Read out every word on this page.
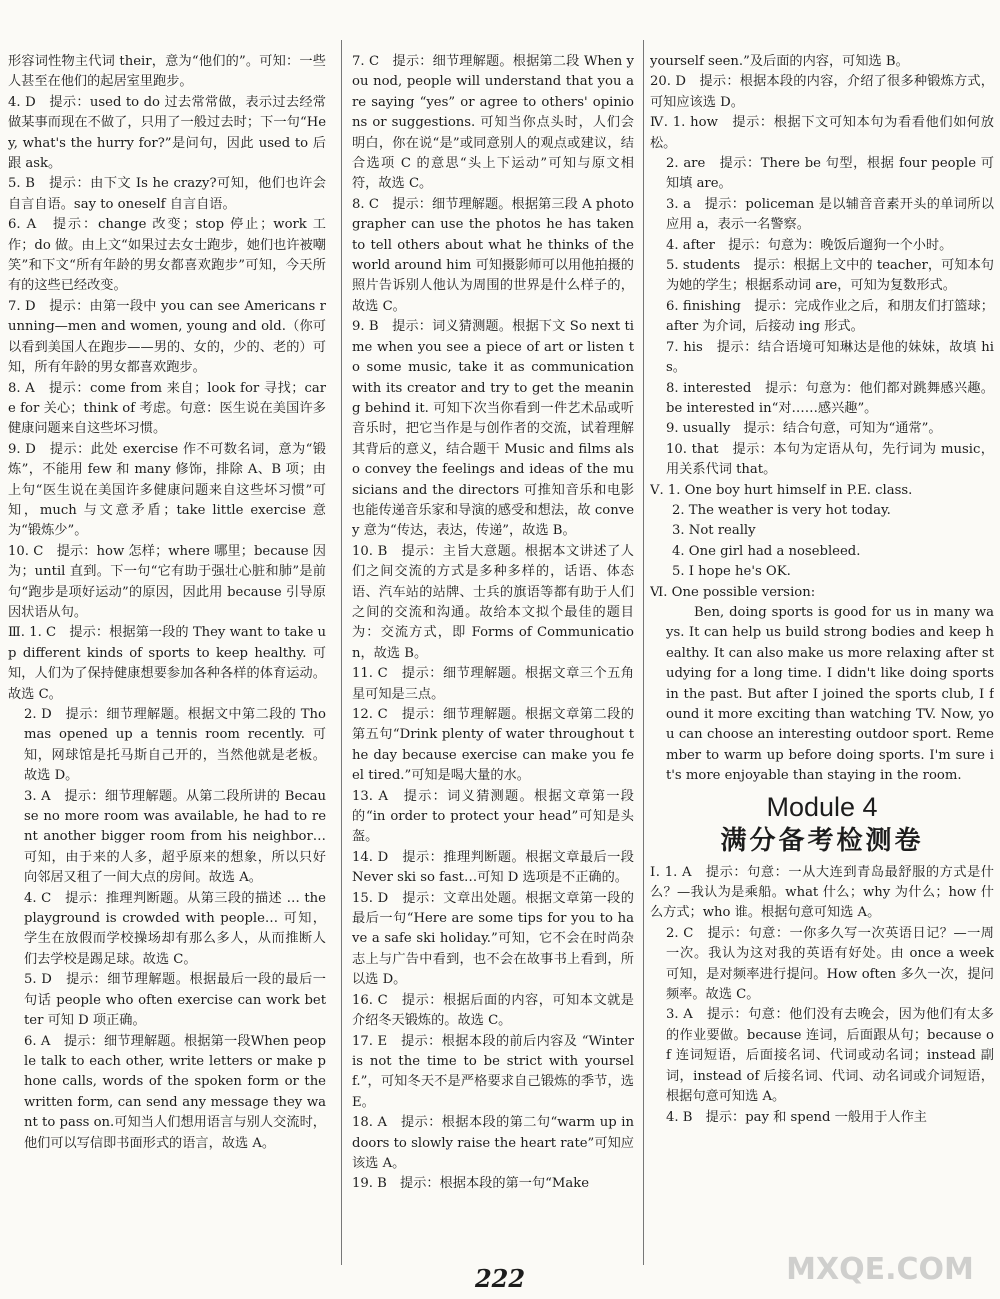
形容词性物主代词 their，意为“他们的”。可知：一些人甚至在他们的起居室里跑步。

4. D　提示：used to do 过去常常做，表示过去经常做某事而现在不做了，只用了一般过去时；下一句“Hey, what's the hurry for?”是问句，因此 used to 后跟 ask。

5. B　提示：由下文 Is he crazy?可知，他们也许会自言自语。say to oneself 自言自语。

6. A　提示：change 改变；stop 停止；work 工作；do 做。由上文“如果过去女士跑步，她们也许被嘲笑”和下文“所有年龄的男女都喜欢跑步”可知，今天所有的这些已经改变。

7. D　提示：由第一段中 you can see Americans running—men and women, young and old.（你可以看到美国人在跑步——男的、女的，少的、老的）可知，所有年龄的男女都喜欢跑步。

8. A　提示：come from 来自；look for 寻找；care for 关心；think of 考虑。句意：医生说在美国许多健康问题来自这些坏习惯。

9. D　提示：此处 exercise 作不可数名词，意为“锻炼”，不能用 few 和 many 修饰，排除 A、B 项；由上句“医生说在美国许多健康问题来自这些坏习惯”可知，much 与文意矛盾；take little exercise 意为“锻炼少”。

10. C　提示：how 怎样；where 哪里；because 因为；until 直到。下一句“它有助于强壮心脏和肺”是前句“跑步是项好运动”的原因，因此用 because 引导原因状语从句。

Ⅲ. 1. C　提示：根据第一段的 They want to take up different kinds of sports to keep healthy. 可知，人们为了保持健康想要参加各种各样的体育运动。故选 C。

2. D　提示：细节理解题。根据文中第二段的 Thomas opened up a tennis room recently. 可知，网球馆是托马斯自己开的，当然他就是老板。故选 D。

3. A　提示：细节理解题。从第二段所讲的 Because no more room was available, he had to rent another bigger room from his neighbor… 可知，由于来的人多，超乎原来的想象，所以只好向邻居又租了一间大点的房间。故选 A。

4. C　提示：推理判断题。从第三段的描述 … the playground is crowded with people… 可知，学生在放假而学校操场却有那么多人，从而推断人们去学校是踢足球。故选 C。

5. D　提示：细节理解题。根据最后一段的最后一句话 people who often exercise can work better 可知 D 项正确。

6. A　提示：细节理解题。根据第一段When people talk to each other, write letters or make phone calls, words of the spoken form or the written form, can send any message they want to pass on.可知当人们想用语言与别人交流时，他们可以写信即书面形式的语言，故选 A。

7. C　提示：细节理解题。根据第二段 When you nod, people will understand that you are saying “yes” or agree to others' opinions or suggestions. 可知当你点头时，人们会明白，你在说“是”或同意别人的观点或建议，结合选项 C 的意思“头上下运动”可知与原文相符，故选 C。

8. C　提示：细节理解题。根据第三段 A photographer can use the photos he has taken to tell others about what he thinks of the world around him 可知摄影师可以用他拍摄的照片告诉别人他认为周围的世界是什么样子的，故选 C。

9. B　提示：词义猜测题。根据下文 So next time when you see a piece of art or listen to some music, take it as communication with its creator and try to get the meaning behind it. 可知下次当你看到一件艺术品或听音乐时，把它当作是与创作者的交流，试着理解其背后的意义，结合题干 Music and films also convey the feelings and ideas of the musicians and the directors 可推知音乐和电影也能传递音乐家和导演的感受和想法，故 convey 意为“传达，表达，传递”，故选 B。

10. B　提示：主旨大意题。根据本文讲述了人们之间交流的方式是多种多样的，话语、体态语、汽车站的站牌、士兵的旗语等都有助于人们之间的交流和沟通。故给本文拟个最佳的题目为：交流方式，即 Forms of Communication，故选 B。

11. C　提示：细节理解题。根据文章三个五角星可知是三点。

12. C　提示：细节理解题。根据文章第二段的第五句“Drink plenty of water throughout the day because exercise can make you feel tired.”可知是喝大量的水。

13. A　提示：词义猜测题。根据文章第一段的“in order to protect your head”可知是头盔。

14. D　提示：推理判断题。根据文章最后一段 Never ski so fast…可知 D 选项是不正确的。

15. D　提示：文章出处题。根据文章第一段的最后一句“Here are some tips for you to have a safe ski holiday.”可知，它不会在时尚杂志上与广告中看到，也不会在故事书上看到，所以选 D。

16. C　提示：根据后面的内容，可知本文就是介绍冬天锻炼的。故选 C。

17. E　提示：根据本段的前后内容及 “Winter is not the time to be strict with yourself.”，可知冬天不是严格要求自己锻炼的季节，选 E。

18. A　提示：根据本段的第二句“warm up indoors to slowly raise the heart rate”可知应该选 A。

19. B　提示：根据本段的第一句“Make

yourself seen.”及后面的内容，可知选 B。

20. D　提示：根据本段的内容，介绍了很多种锻炼方式，可知应该选 D。

Ⅳ. 1. how　提示：根据下文可知本句为看看他们如何放松。

2. are　提示：There be 句型，根据 four people 可知填 are。

3. a　提示：policeman 是以辅音音素开头的单词所以应用 a，表示一名警察。

4. after　提示：句意为：晚饭后遛狗一个小时。

5. students　提示：根据上文中的 teacher，可知本句为她的学生；根据系动词 are，可知为复数形式。

6. finishing　提示：完成作业之后，和朋友们打篮球；after 为介词，后接动 ing 形式。

7. his　提示：结合语境可知琳达是他的妹妹，故填 his。

8. interested　提示：句意为：他们都对跳舞感兴趣。be interested in“对……感兴趣”。

9. usually　提示：结合句意，可知为“通常”。

10. that　提示：本句为定语从句，先行词为 music，用关系代词 that。

Ⅴ. 1. One boy hurt himself in P.E. class.

2. The weather is very hot today.

3. Not really

4. One girl had a nosebleed.

5. I hope he's OK.

Ⅵ. One possible version:

Ben, doing sports is good for us in many ways. It can help us build strong bodies and keep healthy. It can also make us more relaxing after studying for a long time. I didn't like doing sports in the past. But after I joined the sports club, I found it more exciting than watching TV. Now, you can choose an interesting outdoor sport. Remember to warm up before doing sports. I'm sure it's more enjoyable than staying in the room.

Module 4
满分备考检测卷

Ⅰ. 1. A　提示：句意：一从大连到青岛最舒服的方式是什么？—我认为是乘船。what 什么；why 为什么；how 什么方式；who 谁。根据句意可知选 A。

2. C　提示：句意：一你多久写一次英语日记？—一周一次。我认为这对我的英语有好处。由 once a week 可知，是对频率进行提问。How often 多久一次，提问频率。故选 C。

3. A　提示：句意：他们没有去晚会，因为他们有太多的作业要做。because 连词，后面跟从句；because of 连词短语，后面接名词、代词或动名词；instead 副词，instead of 后接名词、代词、动名词或介词短语，根据句意可知选 A。

4. B　提示：pay 和 spend 一般用于人作主

222	MXQE.COM
